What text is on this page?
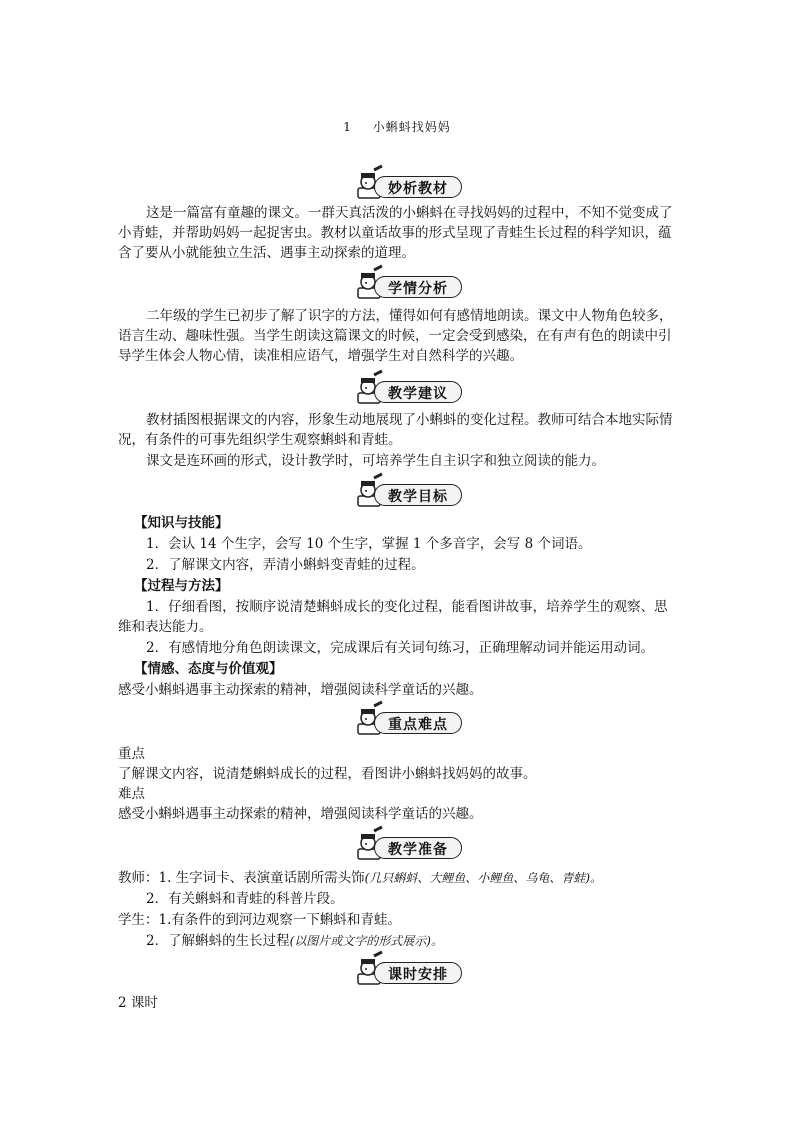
1 小蝌蚪找妈妈
妙析教材

这是一篇富有童趣的课文。一群天真活泼的小蝌蚪在寻找妈妈的过程中，不知不觉变成了小青蛙，并帮助妈妈一起捉害虫。教材以童话故事的形式呈现了青蛙生长过程的科学知识，蕴含了要从小就能独立生活、遇事主动探索的道理。

学情分析

二年级的学生已初步了解了识字的方法，懂得如何有感情地朗读。课文中人物角色较多，语言生动、趣味性强。当学生朗读这篇课文的时候，一定会受到感染，在有声有色的朗读中引导学生体会人物心情，读准相应语气，增强学生对自然科学的兴趣。

教学建议

教材插图根据课文的内容，形象生动地展现了小蝌蚪的变化过程。教师可结合本地实际情况，有条件的可事先组织学生观察蝌蚪和青蛙。

课文是连环画的形式，设计教学时，可培养学生自主识字和独立阅读的能力。

教学目标

【知识与技能】

1．会认 14 个生字，会写 10 个生字，掌握 1 个多音字，会写 8 个词语。

2．了解课文内容，弄清小蝌蚪变青蛙的过程。

【过程与方法】

1．仔细看图，按顺序说清楚蝌蚪成长的变化过程，能看图讲故事，培养学生的观察、思维和表达能力。

2．有感情地分角色朗读课文，完成课后有关词句练习，正确理解动词并能运用动词。

【情感、态度与价值观】

感受小蝌蚪遇事主动探索的精神，增强阅读科学童话的兴趣。

重点难点

重点

了解课文内容，说清楚蝌蚪成长的过程，看图讲小蝌蚪找妈妈的故事。

难点

感受小蝌蚪遇事主动探索的精神，增强阅读科学童话的兴趣。

教学准备

教师：1. 生字词卡、表演童话剧所需头饰(几只蝌蚪、大鲤鱼、小鲤鱼、乌龟、青蛙)。

2．有关蝌蚪和青蛙的科普片段。

学生：1.有条件的到河边观察一下蝌蚪和青蛙。

2．了解蝌蚪的生长过程(以图片或文字的形式展示)。

课时安排

2 课时
